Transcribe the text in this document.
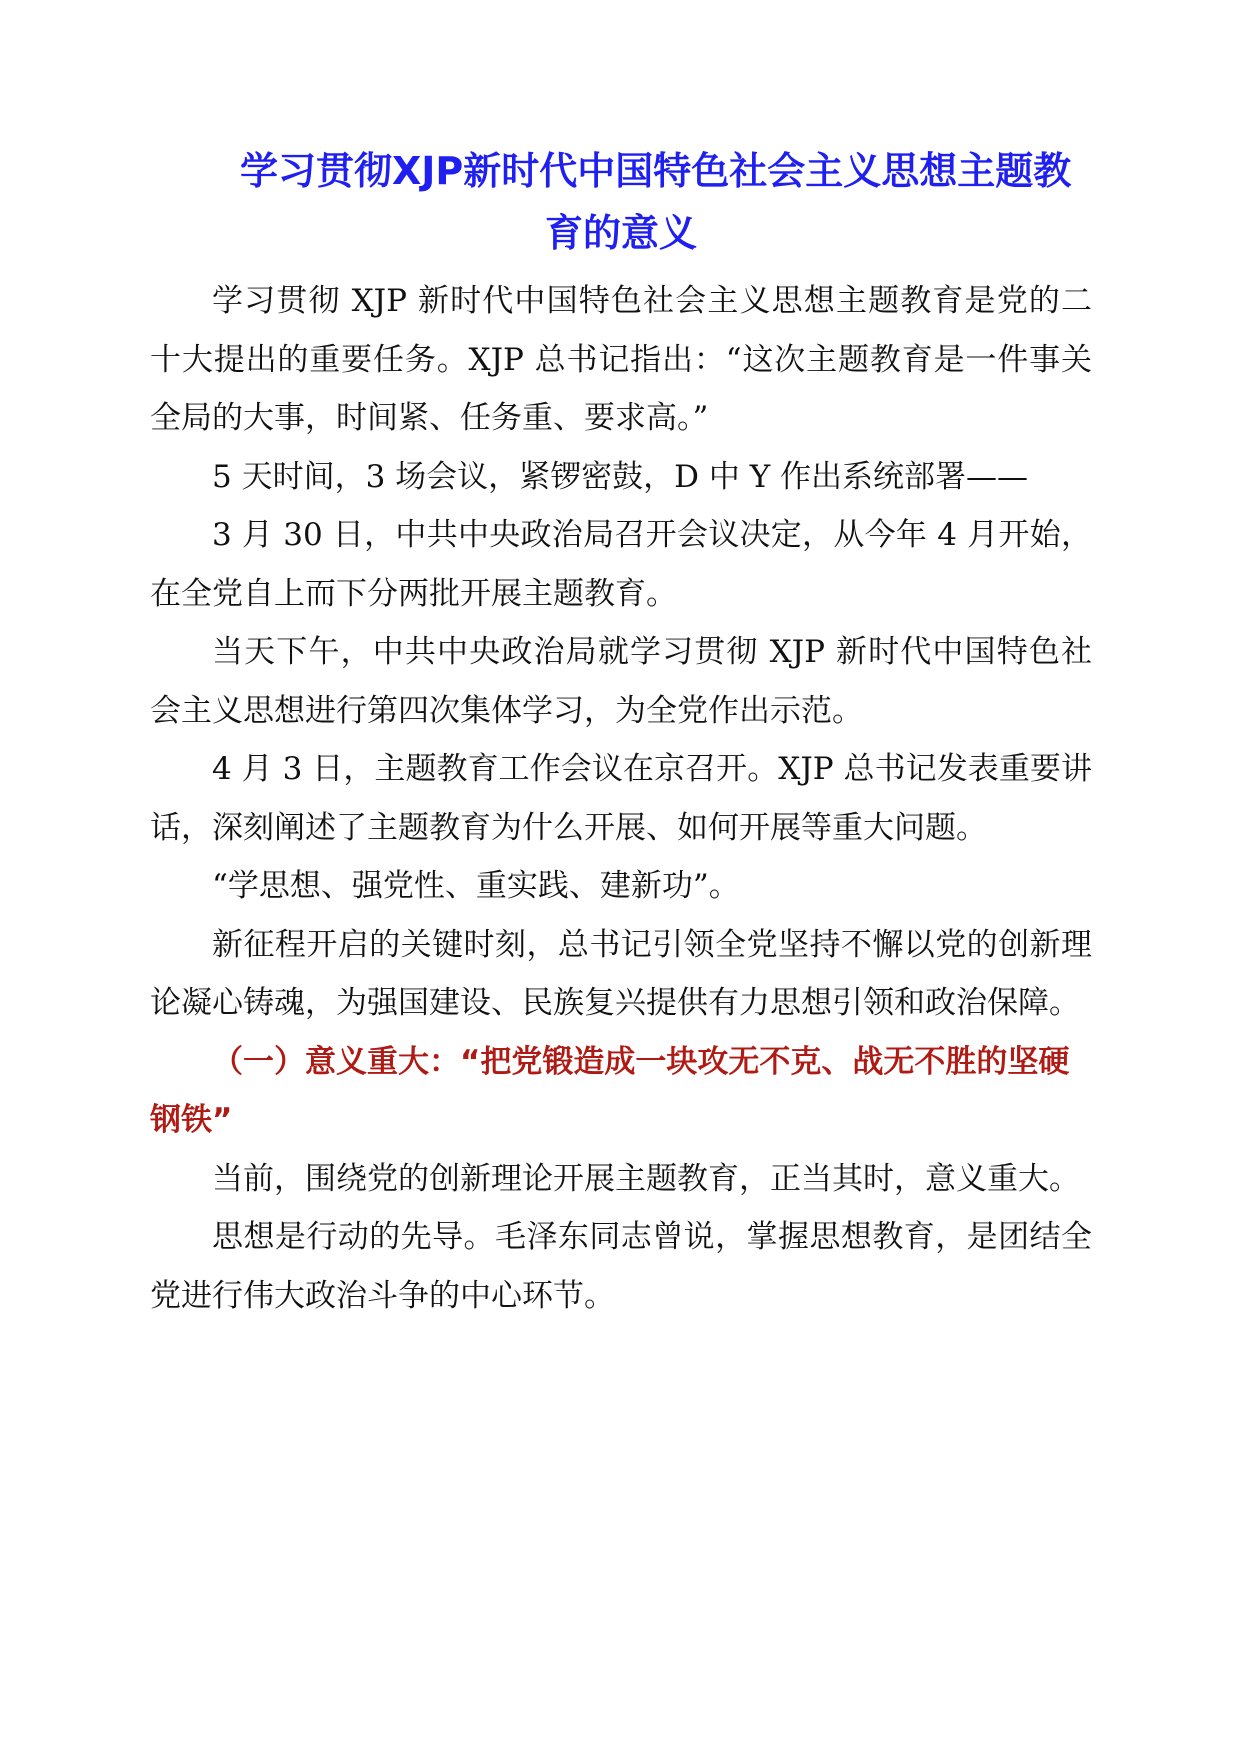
学习贯彻XJP新时代中国特色社会主义思想主题教
育的意义

学习贯彻 XJP 新时代中国特色社会主义思想主题教育是党的二十大提出的重要任务。XJP 总书记指出：“这次主题教育是一件事关全局的大事，时间紧、任务重、要求高。”

5 天时间，3 场会议，紧锣密鼓，D 中 Y 作出系统部署——

3 月 30 日，中共中央政治局召开会议决定，从今年 4 月开始，在全党自上而下分两批开展主题教育。

当天下午，中共中央政治局就学习贯彻 XJP 新时代中国特色社会主义思想进行第四次集体学习，为全党作出示范。

4 月 3 日，主题教育工作会议在京召开。XJP 总书记发表重要讲话，深刻阐述了主题教育为什么开展、如何开展等重大问题。

“学思想、强党性、重实践、建新功”。

新征程开启的关键时刻，总书记引领全党坚持不懈以党的创新理论凝心铸魂，为强国建设、民族复兴提供有力思想引领和政治保障。

（一）意义重大：“把党锻造成一块攻无不克、战无不胜的坚硬钢铁”

当前，围绕党的创新理论开展主题教育，正当其时，意义重大。

思想是行动的先导。毛泽东同志曾说，掌握思想教育，是团结全党进行伟大政治斗争的中心环节。
